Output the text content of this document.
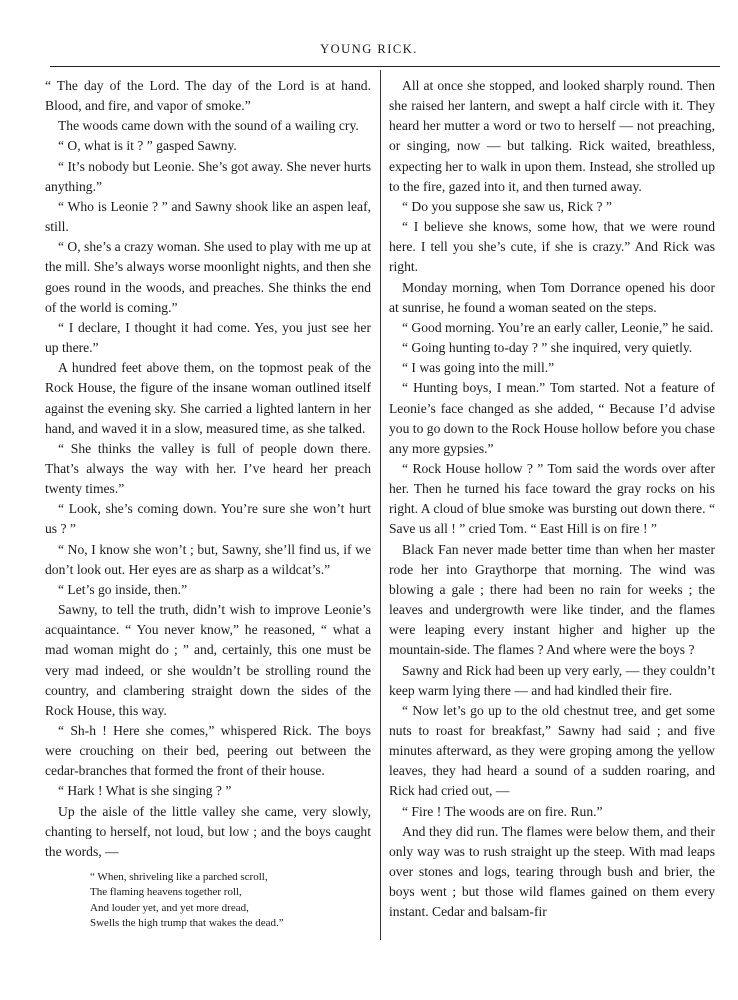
YOUNG RICK.

“ The day of the Lord. The day of the Lord is at hand. Blood, and fire, and vapor of smoke.”

The woods came down with the sound of a wailing cry.

“ O, what is it ? ” gasped Sawny.

“ It’s nobody but Leonie. She’s got away. She never hurts anything.”

“ Who is Leonie ? ” and Sawny shook like an aspen leaf, still.

“ O, she’s a crazy woman. She used to play with me up at the mill. She’s always worse moonlight nights, and then she goes round in the woods, and preaches. She thinks the end of the world is coming.”

“ I declare, I thought it had come. Yes, you just see her up there.”

A hundred feet above them, on the topmost peak of the Rock House, the figure of the insane woman outlined itself against the evening sky. She carried a lighted lantern in her hand, and waved it in a slow, measured time, as she talked.

“ She thinks the valley is full of people down there. That’s always the way with her. I’ve heard her preach twenty times.”

“ Look, she’s coming down. You’re sure she won’t hurt us ? ”

“ No, I know she won’t ; but, Sawny, she’ll find us, if we don’t look out. Her eyes are as sharp as a wildcat’s.”

“ Let’s go inside, then.”

Sawny, to tell the truth, didn’t wish to improve Leonie’s acquaintance. “ You never know,” he reasoned, “ what a mad woman might do ; ” and, certainly, this one must be very mad indeed, or she wouldn’t be strolling round the country, and clambering straight down the sides of the Rock House, this way.

“ Sh-h ! Here she comes,” whispered Rick. The boys were crouching on their bed, peering out between the cedar-branches that formed the front of their house.

“ Hark ! What is she singing ? ”

Up the aisle of the little valley she came, very slowly, chanting to herself, not loud, but low ; and the boys caught the words, —

“ When, shriveling like a parched scroll,
The flaming heavens together roll,
And louder yet, and yet more dread,
Swells the high trump that wakes the dead.”

All at once she stopped, and looked sharply round. Then she raised her lantern, and swept a half circle with it. They heard her mutter a word or two to herself — not preaching, or singing, now — but talking. Rick waited, breathless, expecting her to walk in upon them. Instead, she strolled up to the fire, gazed into it, and then turned away.

“ Do you suppose she saw us, Rick ? ”

“ I believe she knows, some how, that we were round here. I tell you she’s cute, if she is crazy.” And Rick was right.

Monday morning, when Tom Dorrance opened his door at sunrise, he found a woman seated on the steps.

“ Good morning. You’re an early caller, Leonie,” he said.

“ Going hunting to-day ? ” she inquired, very quietly.

“ I was going into the mill.”

“ Hunting boys, I mean.” Tom started. Not a feature of Leonie’s face changed as she added, “ Because I’d advise you to go down to the Rock House hollow before you chase any more gypsies.”

“ Rock House hollow ? ” Tom said the words over after her. Then he turned his face toward the gray rocks on his right. A cloud of blue smoke was bursting out down there. “ Save us all ! ” cried Tom. “ East Hill is on fire ! ”

Black Fan never made better time than when her master rode her into Graythorpe that morning. The wind was blowing a gale ; there had been no rain for weeks ; the leaves and undergrowth were like tinder, and the flames were leaping every instant higher and higher up the mountain-side. The flames ? And where were the boys ?

Sawny and Rick had been up very early, — they couldn’t keep warm lying there — and had kindled their fire.

“ Now let’s go up to the old chestnut tree, and get some nuts to roast for breakfast,” Sawny had said ; and five minutes afterward, as they were groping among the yellow leaves, they had heard a sound of a sudden roaring, and Rick had cried out, —

“ Fire ! The woods are on fire. Run.”

And they did run. The flames were below them, and their only way was to rush straight up the steep. With mad leaps over stones and logs, tearing through bush and brier, the boys went ; but those wild flames gained on them every instant. Cedar and balsam-fir
